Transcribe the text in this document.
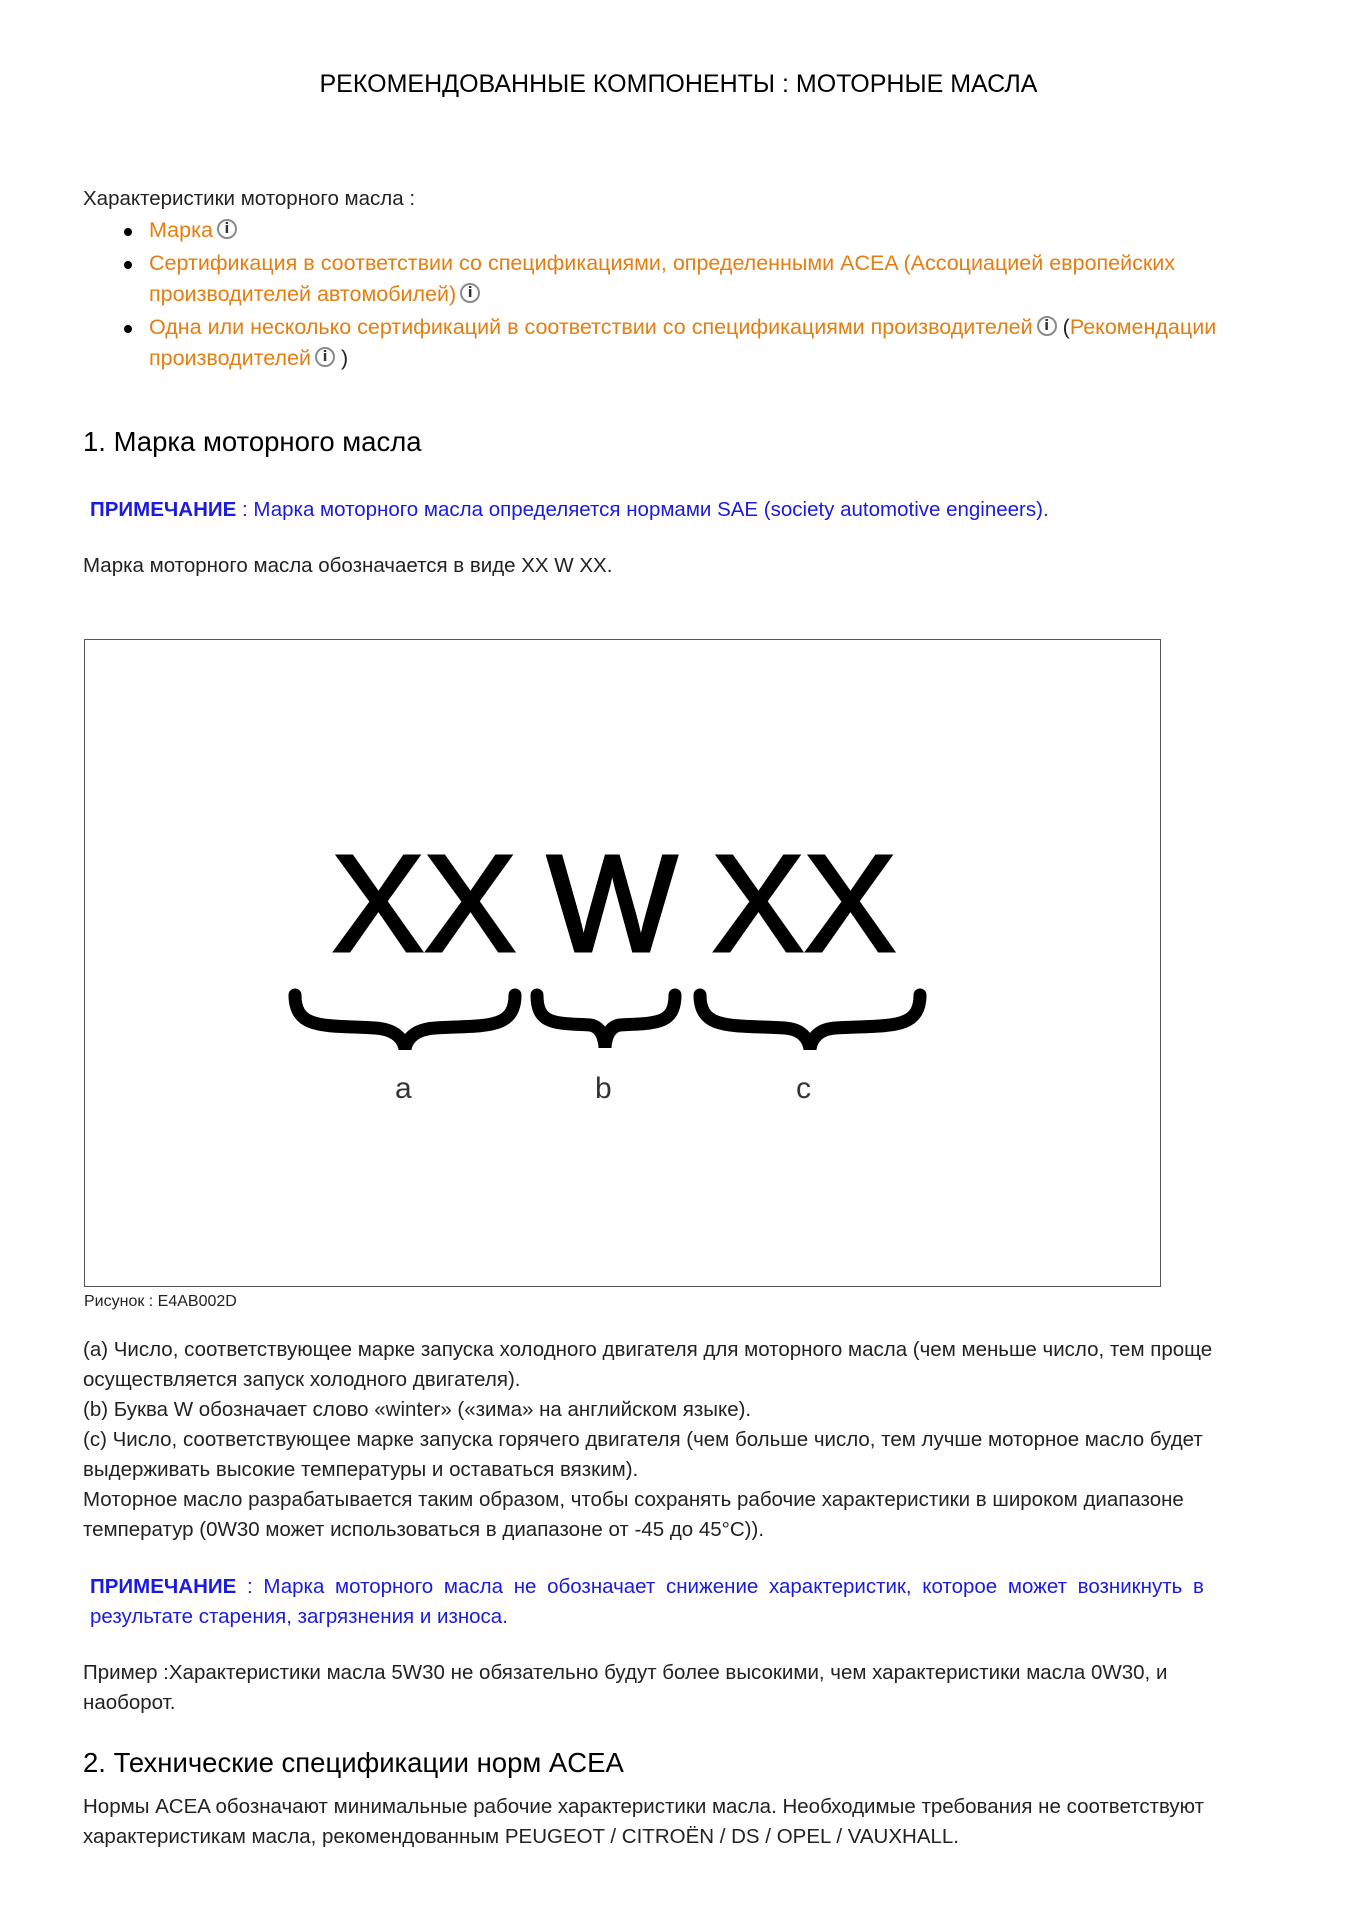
РЕКОМЕНДОВАННЫЕ КОМПОНЕНТЫ : МОТОРНЫЕ МАСЛА
Характеристики моторного масла :
Марка i
Сертификация в соответствии со спецификациями, определенными ACEA (Ассоциацией европейских
производителей автомобилей) i
Одна или несколько сертификаций в соответствии со спецификациями производителей i (Рекомендации
производителей i )
1. Марка моторного масла
ПРИМЕЧАНИЕ : Марка моторного масла определяется нормами SAE (society automotive engineers).
Марка моторного масла обозначается в виде XX W XX.
XX W XX
a	b	c
Рисунок : E4AB002D
(a) Число, соответствующее марке запуска холодного двигателя для моторного масла (чем меньше число, тем проще
осуществляется запуск холодного двигателя).
(b) Буква W обозначает слово «winter» («зима» на английском языке).
(c) Число, соответствующее марке запуска горячего двигателя (чем больше число, тем лучше моторное масло будет
выдерживать высокие температуры и оставаться вязким).
Моторное масло разрабатывается таким образом, чтобы сохранять рабочие характеристики в широком диапазоне
температур (0W30 может использоваться в диапазоне от -45 до 45°C)).
ПРИМЕЧАНИЕ : Марка моторного масла не обозначает снижение характеристик, которое может возникнуть в
результате старения, загрязнения и износа.
Пример :Характеристики масла 5W30 не обязательно будут более высокими, чем характеристики масла 0W30, и
наоборот.
2. Технические спецификации норм ACEA
Нормы ACEA обозначают минимальные рабочие характеристики масла. Необходимые требования не соответствуют
характеристикам масла, рекомендованным PEUGEOT / CITROËN / DS / OPEL / VAUXHALL.
